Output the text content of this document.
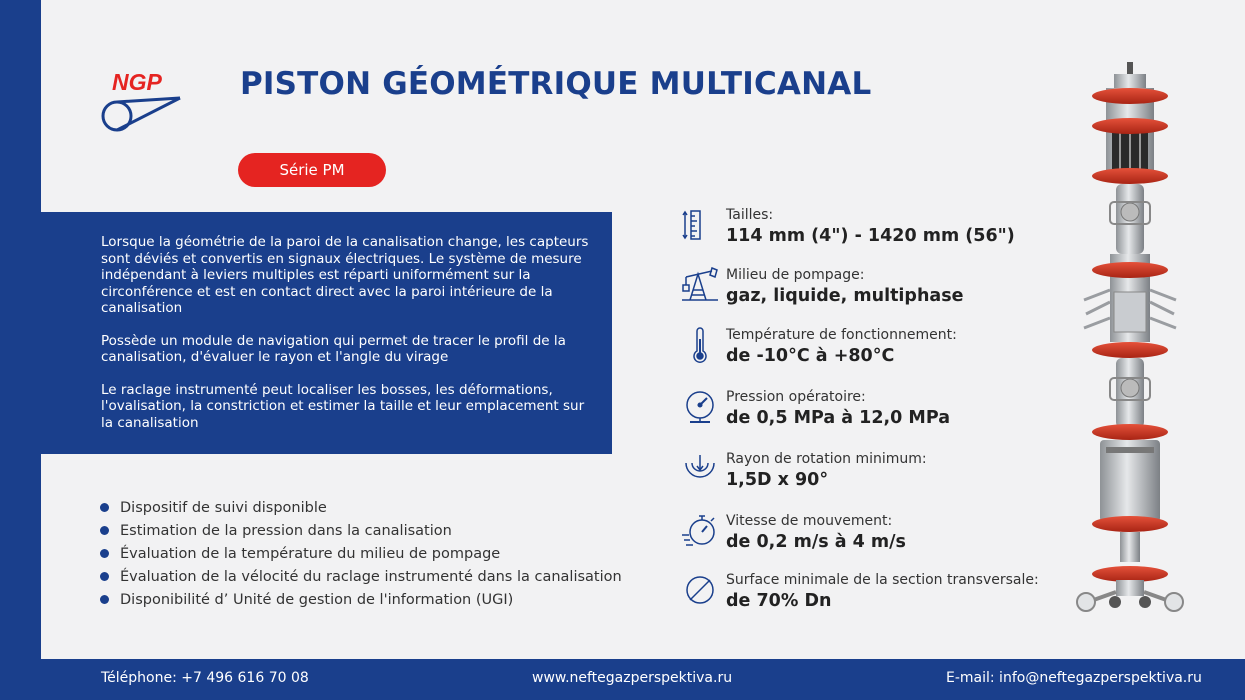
NGP	PISTON GÉOMÉTRIQUE MULTICANAL
Série PM

Lorsque la géométrie de la paroi de la canalisation change, les capteurs sont déviés et convertis en signaux électriques. Le système de mesure indépendant à leviers multiples est réparti uniformément sur la circonférence et est en contact direct avec la paroi intérieure de la canalisation

Possède un module de navigation qui permet de tracer le profil de la canalisation, d'évaluer le rayon et l'angle du virage

Le raclage instrumenté peut localiser les bosses, les déformations, l'ovalisation, la constriction et estimer la taille et leur emplacement sur la canalisation

Dispositif de suivi disponible
Estimation de la pression dans la canalisation
Évaluation de la température du milieu de pompage
Évaluation de la vélocité du raclage instrumenté dans la canalisation
Disponibilité d’ Unité de gestion de l'information (UGI)
Tailles:
114 mm (4") - 1420 mm (56")
Milieu de pompage:
gaz, liquide, multiphase
Température de fonctionnement:
de -10°C à +80°C
Pression opératoire:
de 0,5 MPa à 12,0 MPa
Rayon de rotation minimum:
1,5D x 90°
Vitesse de mouvement:
de 0,2 m/s à 4 m/s
Surface minimale de la section transversale:
de 70% Dn
Téléphone: +7 496 616 70 08	www.neftegazperspektiva.ru	E-mail: info@neftegazperspektiva.ru
